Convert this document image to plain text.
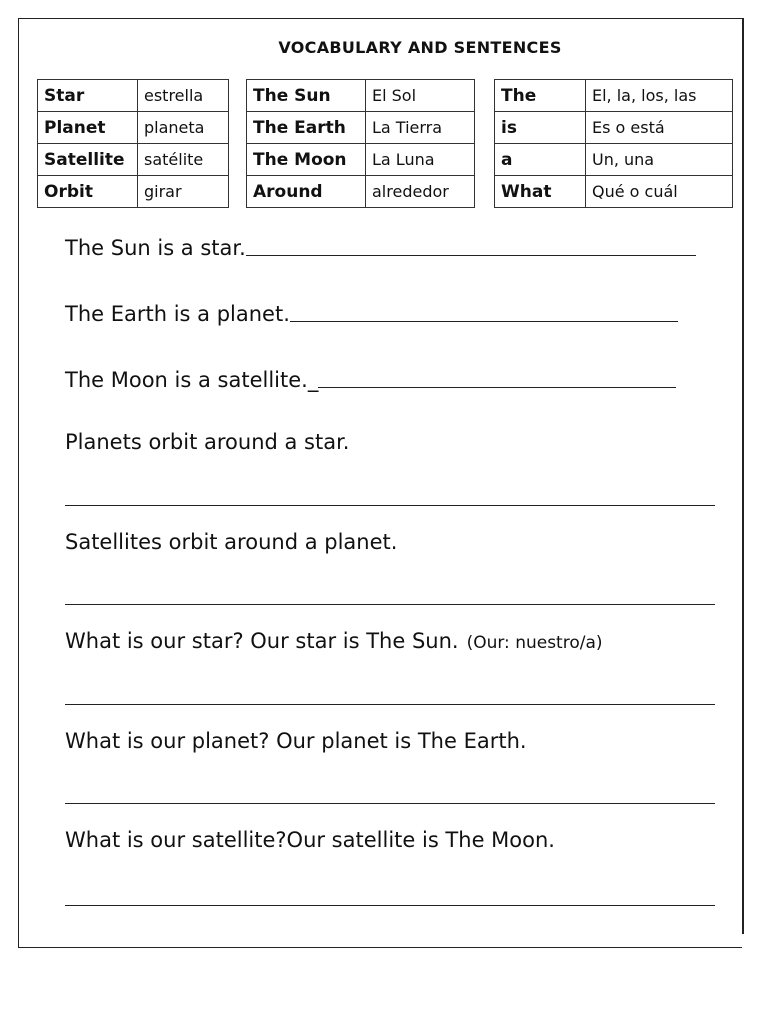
VOCABULARY AND SENTENCES
Star	estrella
Planet	planeta
Satellite	satélite
Orbit	girar
The Sun	El Sol
The Earth	La Tierra
The Moon	La Luna
Around	alrededor
The	El, la, los, las
is	Es o está
a	Un, una
What	Qué o cuál
The Sun is a star.
The Earth is a planet.
The Moon is a satellite._
Planets orbit around a star.
Satellites orbit around a planet.
What is our star? Our star is The Sun. (Our: nuestro/a)
What is our planet? Our planet is The Earth.
What is our satellite?Our satellite is The Moon.
